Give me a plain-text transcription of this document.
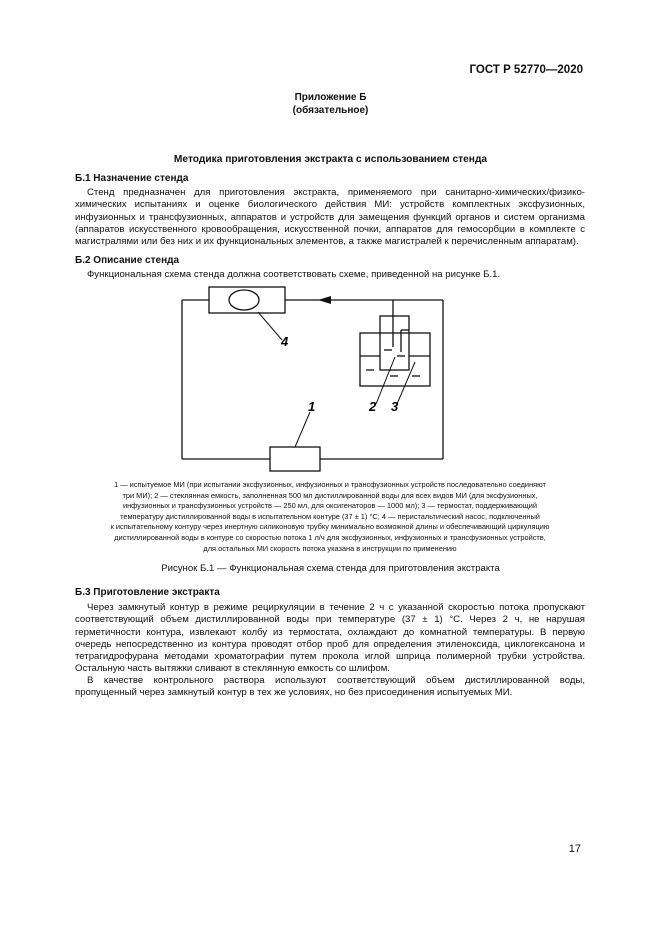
ГОСТ Р 52770—2020
Приложение Б
(обязательное)
Методика приготовления экстракта с использованием стенда
Б.1 Назначение стенда

Стенд предназначен для приготовления экстракта, применяемого при санитарно-химических/физико-химических испытаниях и оценке биологического действия МИ: устройств комплектных эксфузионных, инфузионных и трансфузионных, аппаратов и устройств для замещения функций органов и систем организма (аппаратов искусственного кровообращения, искусственной почки, аппаратов для гемосорбции в комплекте с магистралями или без них и их функциональных элементов, а также магистралей к перечисленным аппаратам).

Б.2 Описание стенда

Функциональная схема стенда должна соответствовать схеме, приведенной на рисунке Б.1.

4
2 3
1
1 — испытуемое МИ (при испытании эксфузионных, инфузионных и трансфузионных устройств последовательно соединяют
три МИ); 2 — стеклянная емкость, заполненная 500 мл дистиллированной воды для всех видов МИ (для эксфузионных,
инфузионных и трансфузионных устройств — 250 мл, для оксигенаторов — 1000 мл); 3 — термостат, поддерживающий
температуру дистиллированной воды в испытательном контуре (37 ± 1) °С; 4 — перистальтический насос, подключенный
к испытательному контуру через инертную силиконовую трубку минимально возможной длины и обеспечивающий циркуляцию
дистиллированной воды в контуре со скоростью потока 1 л/ч для эксфузионных, инфузионных и трансфузионных устройств,
для остальных МИ скорость потока указана в инструкции по применению
Рисунок Б.1 — Функциональная схема стенда для приготовления экстракта
Б.3 Приготовление экстракта

Через замкнутый контур в режиме рециркуляции в течение 2 ч с указанной скоростью потока пропускают соответствующий объем дистиллированной воды при температуре (37 ± 1) °С. Через 2 ч, не нарушая герметичности контура, извлекают колбу из термостата, охлаждают до комнатной температуры. В первую очередь непосредственно из контура проводят отбор проб для определения этиленоксида, циклогексанона и тетрагидрофурана методами хроматографии путем прокола иглой шприца полимерной трубки устройства. Остальную часть вытяжки сливают в стеклянную емкость со шлифом.

В качестве контрольного раствора используют соответствующий объем дистиллированной воды, пропущенный через замкнутый контур в тех же условиях, но без присоединения испытуемых МИ.

17
